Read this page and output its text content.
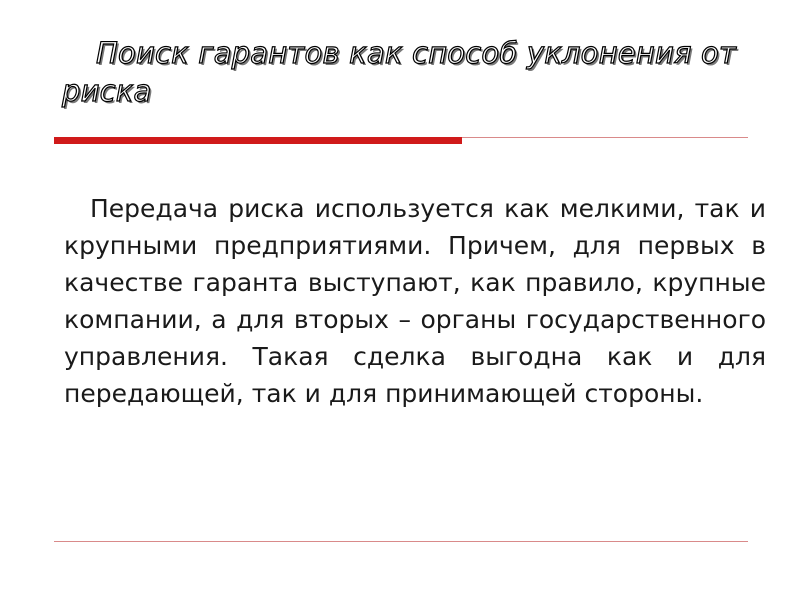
Поиск гарантов как способ уклонения от риска

Передача риска используется как мелкими, так и крупными предприятиями. Причем, для первых в качестве гаранта выступают, как правило, крупные компании, а для вторых – органы государственного управления. Такая сделка выгодна как и для передающей, так и для принимающей стороны.
